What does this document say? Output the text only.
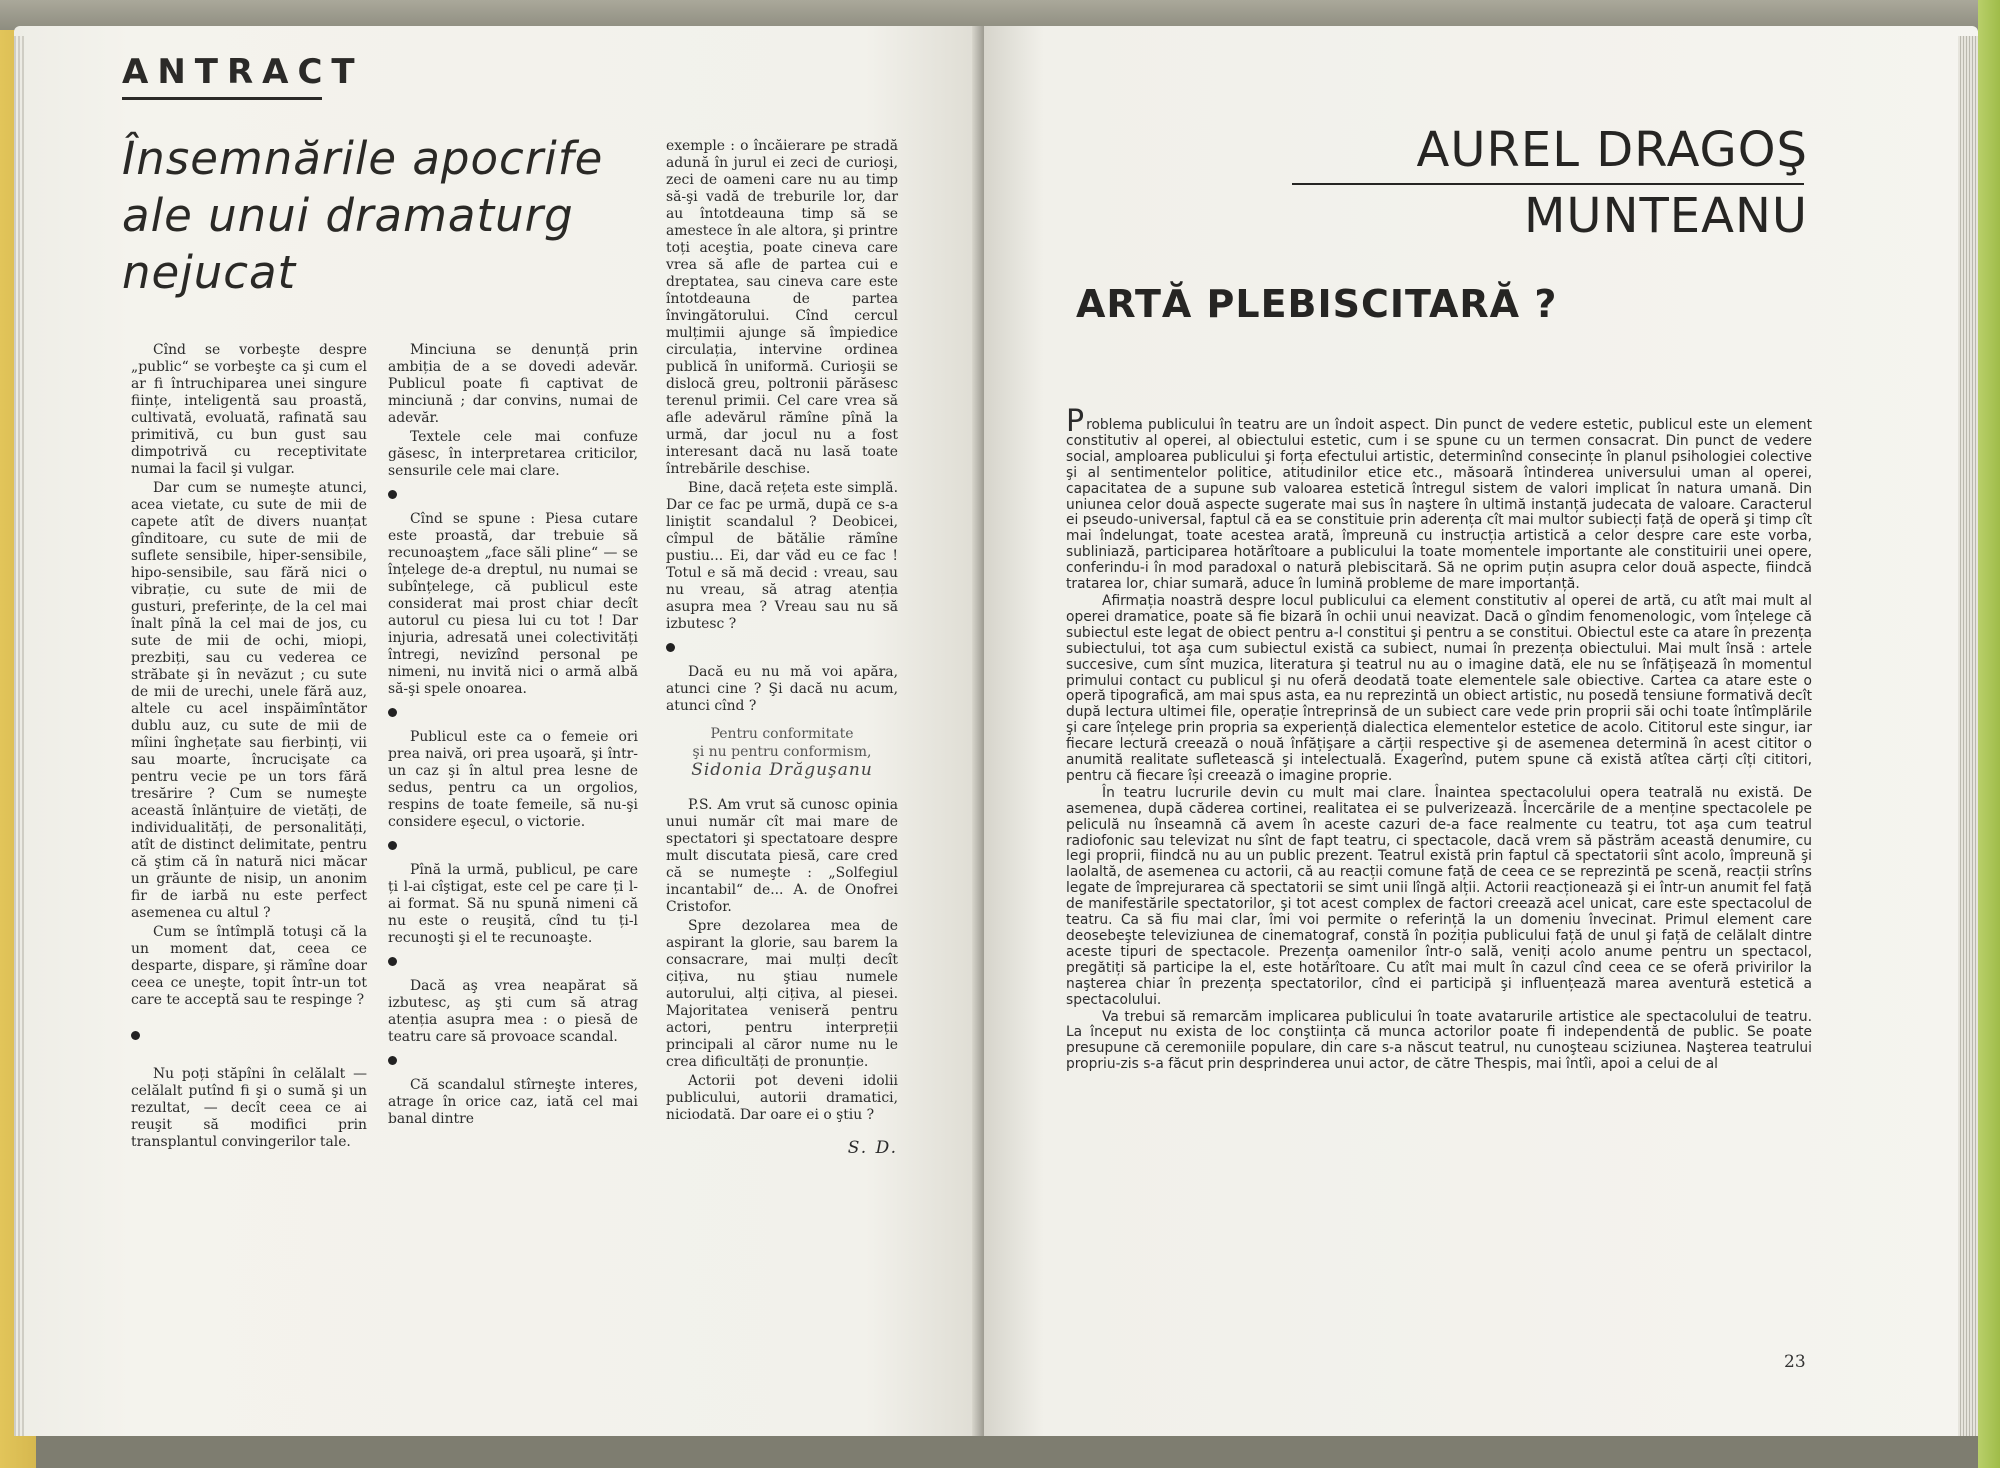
ANTRACT
Însemnările apocrife ale unui dramaturg nejucat

Cînd se vorbeşte despre „public“ se vorbeşte ca şi cum el ar fi întruchiparea unei singure ființe, inteligentă sau proastă, cultivată, evoluată, rafinată sau primitivă, cu bun gust sau dimpotrivă cu receptivitate numai la facil şi vulgar.

Dar cum se numeşte atunci, acea vietate, cu sute de mii de capete atît de divers nuanțat gînditoare, cu sute de mii de suflete sensibile, hiper-sensibile, hipo-sensibile, sau fără nici o vibrație, cu sute de mii de gusturi, preferințe, de la cel mai înalt pînă la cel mai de jos, cu sute de mii de ochi, miopi, prezbiți, sau cu vederea ce străbate şi în nevăzut ; cu sute de mii de urechi, unele fără auz, altele cu acel inspăimîntător dublu auz, cu sute de mii de mîini înghețate sau fierbinți, vii sau moarte, încrucişate ca pentru vecie pe un tors fără tresărire ? Cum se numeşte această înlănțuire de vietăți, de individualități, de personalități, atît de distinct delimitate, pentru că ştim că în natură nici măcar un grăunte de nisip, un anonim fir de iarbă nu este perfect asemenea cu altul ?

Cum se întîmplă totuşi că la un moment dat, ceea ce desparte, dispare, şi rămîne doar ceea ce uneşte, topit într-un tot care te acceptă sau te respinge ?

Nu poți stăpîni în celălalt — celălalt putînd fi şi o sumă şi un rezultat, — decît ceea ce ai reuşit să modifici prin transplantul convingerilor tale.

Minciuna se denunță prin ambiția de a se dovedi adevăr. Publicul poate fi captivat de minciună ; dar convins, numai de adevăr.

Textele cele mai confuze găsesc, în interpretarea criticilor, sensurile cele mai clare.

Cînd se spune : Piesa cutare este proastă, dar trebuie să recunoaştem „face săli pline“ — se înțelege de-a dreptul, nu numai se subînțelege, că publicul este considerat mai prost chiar decît autorul cu piesa lui cu tot ! Dar injuria, adresată unei colectivități întregi, nevizînd personal pe nimeni, nu invită nici o armă albă să-şi spele onoarea.

Publicul este ca o femeie ori prea naivă, ori prea uşoară, şi într-un caz şi în altul prea lesne de sedus, pentru ca un orgolios, respins de toate femeile, să nu-şi considere eşecul, o victorie.

Pînă la urmă, publicul, pe care ți l-ai cîştigat, este cel pe care ți l-ai format. Să nu spună nimeni că nu este o reuşită, cînd tu ți-l recunoşti şi el te recunoaşte.

Dacă aş vrea neapărat să izbutesc, aş şti cum să atrag atenția asupra mea : o piesă de teatru care să provoace scandal.

Că scandalul stîrneşte interes, atrage în orice caz, iată cel mai banal dintre

exemple : o încăierare pe stradă adună în jurul ei zeci de curioşi, zeci de oameni care nu au timp să-şi vadă de treburile lor, dar au întotdeauna timp să se amestece în ale altora, şi printre toți aceştia, poate cineva care vrea să afle de partea cui e dreptatea, sau cineva care este întotdeauna de partea învingătorului. Cînd cercul mulțimii ajunge să împiedice circulația, intervine ordinea publică în uniformă. Curioşii se dislocă greu, poltronii părăsesc terenul primii. Cel care vrea să afle adevărul rămîne pînă la urmă, dar jocul nu a fost interesant dacă nu lasă toate întrebările deschise.

Bine, dacă rețeta este simplă. Dar ce fac pe urmă, după ce s-a liniştit scandalul ? Deobicei, cîmpul de bătălie rămîne pustiu... Ei, dar văd eu ce fac ! Totul e să mă decid : vreau, sau nu vreau, să atrag atenția asupra mea ? Vreau sau nu să izbutesc ?

Dacă eu nu mă voi apăra, atunci cine ? Şi dacă nu acum, atunci cînd ?

Pentru conformitate
şi nu pentru conformism,
Sidonia Drăguşanu

P.S. Am vrut să cunosc opinia unui număr cît mai mare de spectatori şi spectatoare despre mult discutata piesă, care cred că se numeşte : „Solfegiul incantabil“ de... A. de Onofrei Cristofor.

Spre dezolarea mea de aspirant la glorie, sau barem la consacrare, mai mulți decît cițiva, nu ştiau numele autorului, alți cițiva, al piesei. Majoritatea veniseră pentru actori, pentru interpreții principali al căror nume nu le crea dificultăți de pronunție.

Actorii pot deveni idolii publicului, autorii dramatici, niciodată. Dar oare ei o ştiu ?

S. D.
AUREL DRAGOŞ
MUNTEANU
ARTĂ PLEBISCITARĂ ?

Problema publicului în teatru are un îndoit aspect. Din punct de vedere estetic, publicul este un element constitutiv al operei, al obiectului estetic, cum i se spune cu un termen consacrat. Din punct de vedere social, amploarea publicului şi forța efectului artistic, determinînd consecințe în planul psihologiei colective şi al sentimentelor politice, atitudinilor etice etc., măsoară întinderea universului uman al operei, capacitatea de a supune sub valoarea estetică întregul sistem de valori implicat în natura umană. Din uniunea celor două aspecte sugerate mai sus în naştere în ultimă instanță judecata de valoare. Caracterul ei pseudo-universal, faptul că ea se constituie prin aderența cît mai multor subiecți față de operă şi timp cît mai îndelungat, toate acestea arată, împreună cu instrucția artistică a celor despre care este vorba, subliniază, participarea hotărîtoare a publicului la toate momentele importante ale constituirii unei opere, conferindu-i în mod paradoxal o natură plebiscitară. Să ne oprim puțin asupra celor două aspecte, fiindcă tratarea lor, chiar sumară, aduce în lumină probleme de mare importanță.

Afirmația noastră despre locul publicului ca element constitutiv al operei de artă, cu atît mai mult al operei dramatice, poate să fie bizară în ochii unui neavizat. Dacă o gîndim fenomenologic, vom înțelege că subiectul este legat de obiect pentru a-l constitui şi pentru a se constitui. Obiectul este ca atare în prezența subiectului, tot aşa cum subiectul există ca subiect, numai în prezența obiectului. Mai mult însă : artele succesive, cum sînt muzica, literatura şi teatrul nu au o imagine dată, ele nu se înfățişează în momentul primului contact cu publicul şi nu oferă deodată toate elementele sale obiective. Cartea ca atare este o operă tipografică, am mai spus asta, ea nu reprezintă un obiect artistic, nu posedă tensiune formativă decît după lectura ultimei file, operație întreprinsă de un subiect care vede prin proprii săi ochi toate întîmplările şi care înțelege prin propria sa experiență dialectica elementelor estetice de acolo. Cititorul este singur, iar fiecare lectură creează o nouă înfățişare a cărții respective şi de asemenea determină în acest cititor o anumită realitate sufletească şi intelectuală. Exagerînd, putem spune că există atîtea cărți cîți cititori, pentru că fiecare își creează o imagine proprie.

În teatru lucrurile devin cu mult mai clare. Înaintea spectacolului opera teatrală nu există. De asemenea, după căderea cortinei, realitatea ei se pulverizează. Încercările de a menține spectacolele pe peliculă nu înseamnă că avem în aceste cazuri de-a face realmente cu teatru, tot aşa cum teatrul radiofonic sau televizat nu sînt de fapt teatru, ci spectacole, dacă vrem să păstrăm această denumire, cu legi proprii, fiindcă nu au un public prezent. Teatrul există prin faptul că spectatorii sînt acolo, împreună şi laolaltă, de asemenea cu actorii, că au reacții comune față de ceea ce se reprezintă pe scenă, reacții strîns legate de împrejurarea că spectatorii se simt unii lîngă alții. Actorii reacționează şi ei într-un anumit fel față de manifestările spectatorilor, şi tot acest complex de factori creează acel unicat, care este spectacolul de teatru. Ca să fiu mai clar, îmi voi permite o referință la un domeniu învecinat. Primul element care deosebeşte televiziunea de cinematograf, constă în poziția publicului față de unul şi față de celălalt dintre aceste tipuri de spectacole. Prezența oamenilor într-o sală, veniți acolo anume pentru un spectacol, pregătiți să participe la el, este hotărîtoare. Cu atît mai mult în cazul cînd ceea ce se oferă privirilor la naşterea chiar în prezența spectatorilor, cînd ei participă şi influențează marea aventură estetică a spectacolului.

Va trebui să remarcăm implicarea publicului în toate avatarurile artistice ale spectacolului de teatru. La început nu exista de loc conştiința că munca actorilor poate fi independentă de public. Se poate presupune că ceremoniile populare, din care s-a născut teatrul, nu cunoşteau sciziunea. Naşterea teatrului propriu-zis s-a făcut prin desprinderea unui actor, de către Thespis, mai întîi, apoi a celui de al

23
